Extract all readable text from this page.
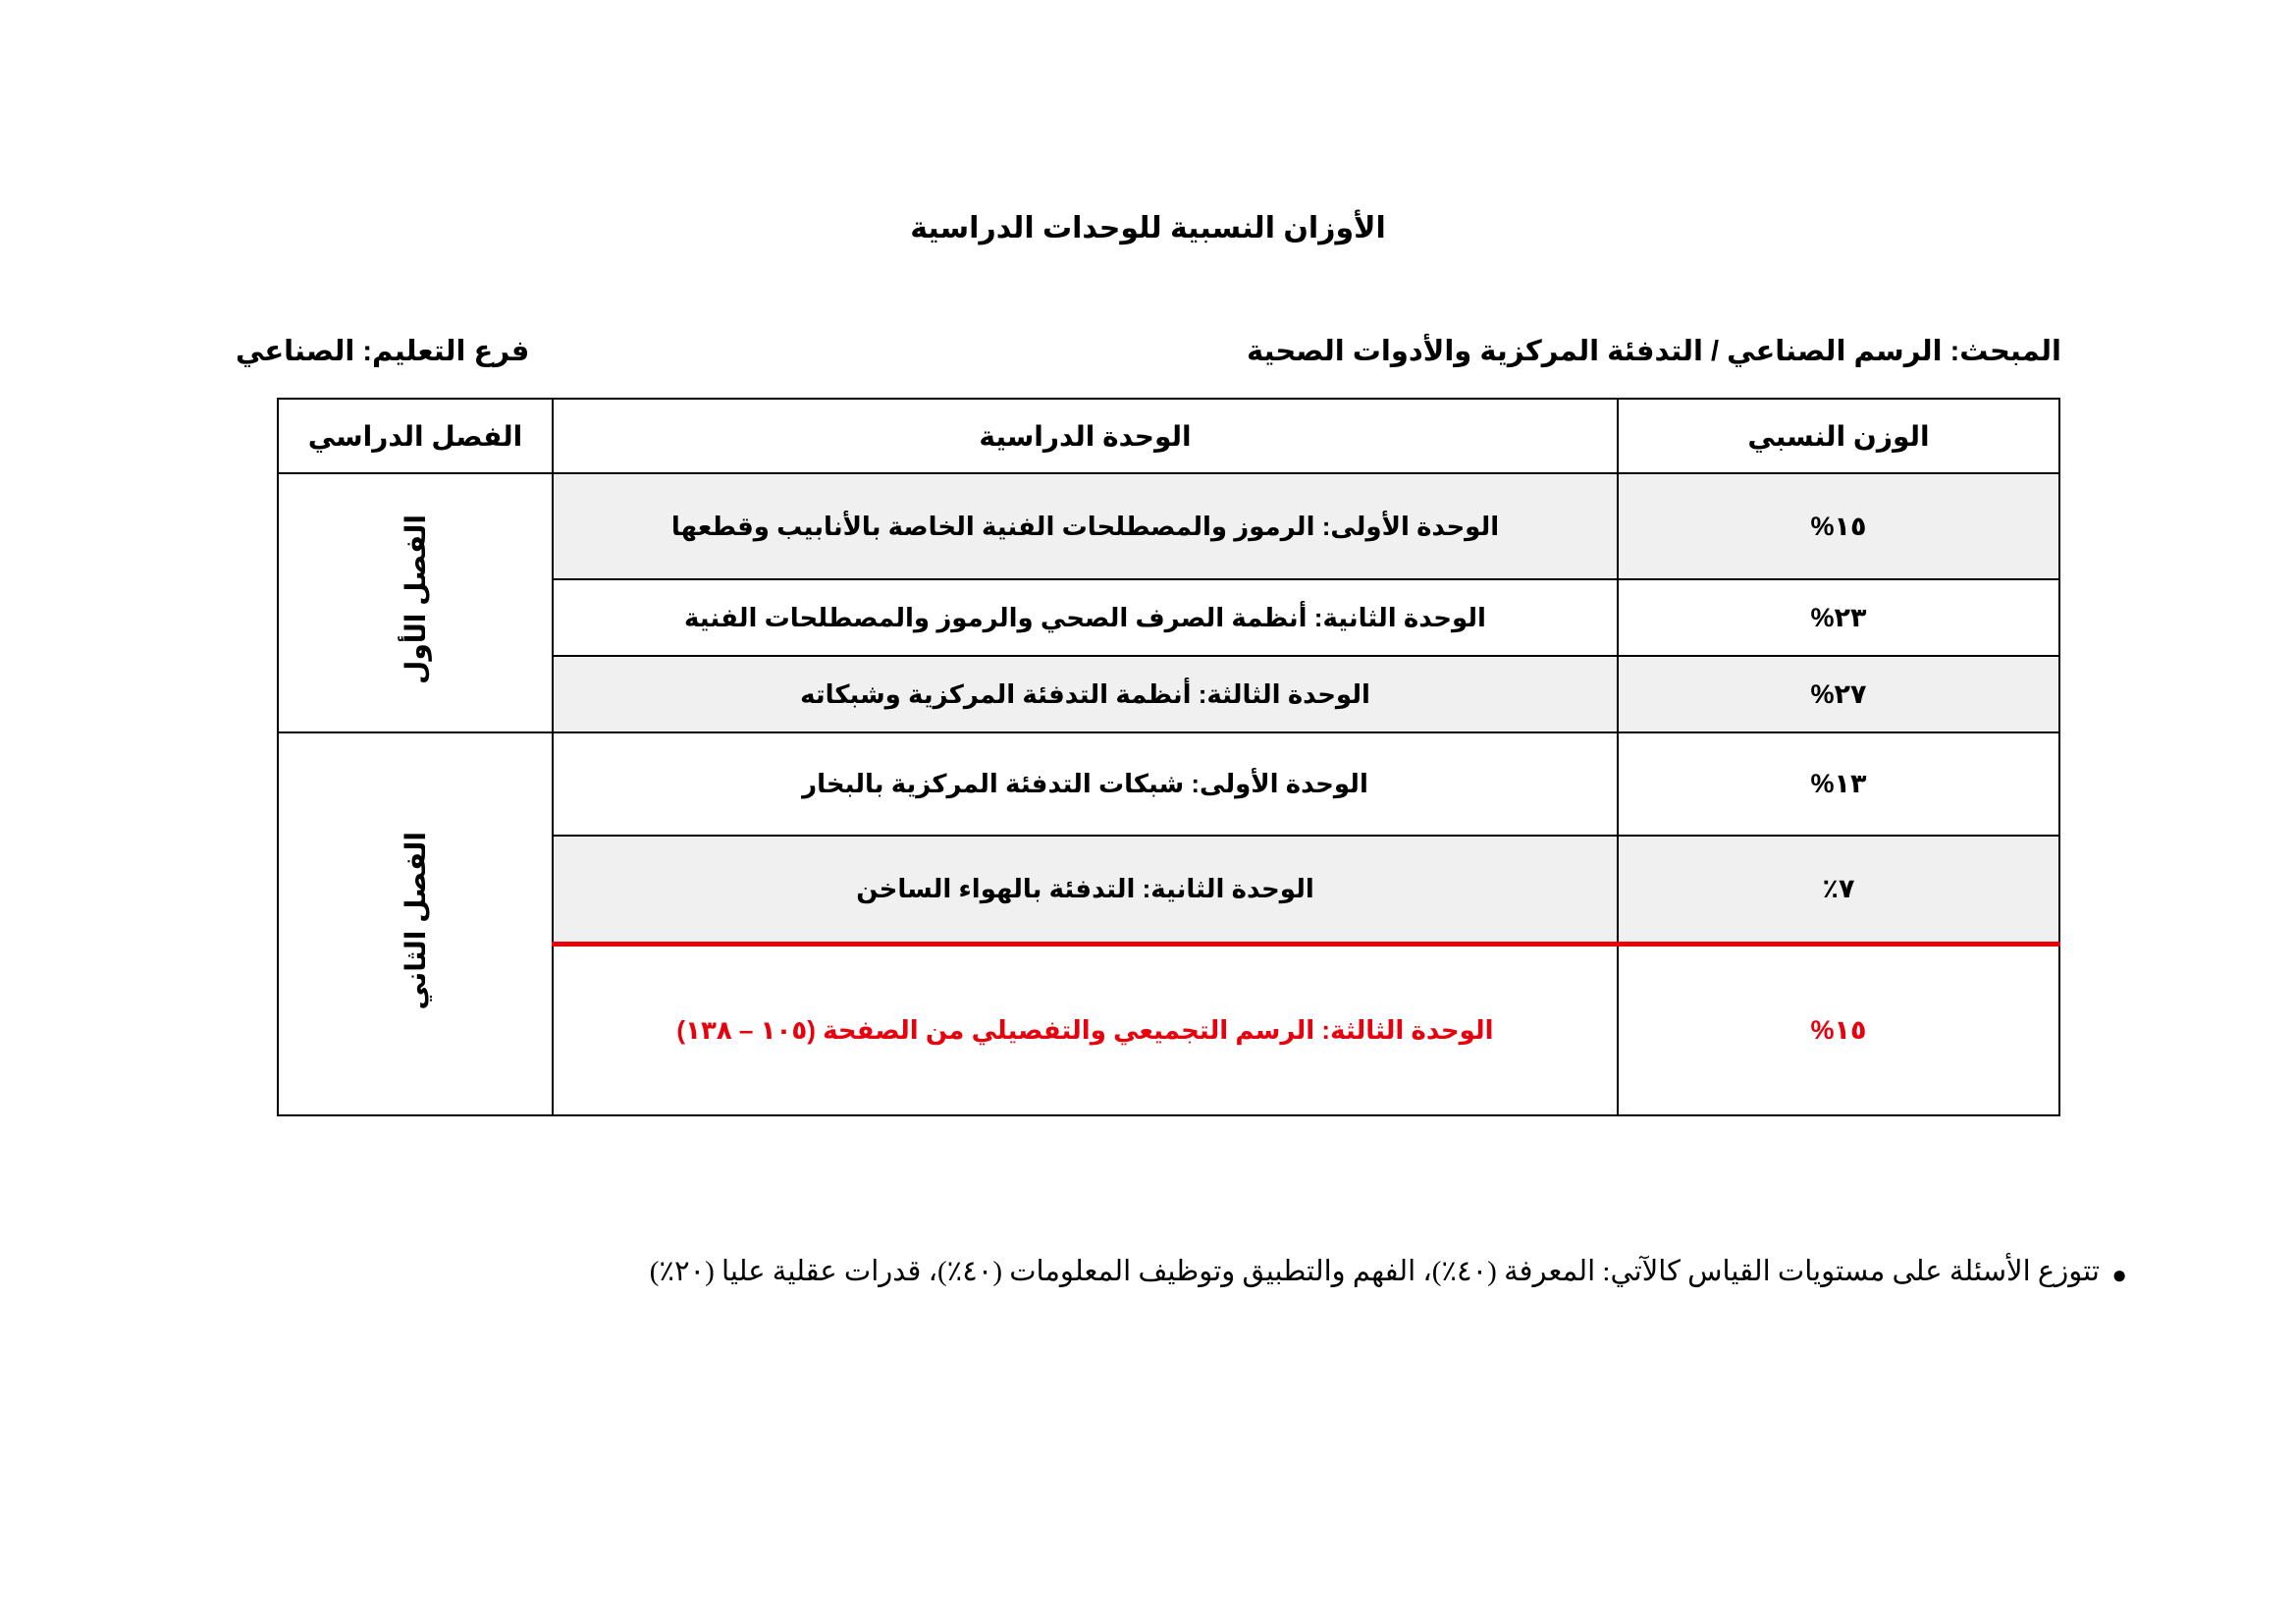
الأوزان النسبية للوحدات الدراسية
المبحث: الرسم الصناعي / التدفئة المركزية والأدوات الصحية
فرع التعليم: الصناعي
الوزن النسبي	الوحدة الدراسية	الفصل الدراسي
١٥%	الوحدة الأولى: الرموز والمصطلحات الفنية الخاصة بالأنابيب وقطعها	الفصل الأول
٢٣%	الوحدة الثانية: أنظمة الصرف الصحي والرموز والمصطلحات الفنية	
٢٧%	الوحدة الثالثة: أنظمة التدفئة المركزية وشبكاته	
١٣%	الوحدة الأولى: شبكات التدفئة المركزية بالبخار	الفصل الثاني
٧٪	الوحدة الثانية: التدفئة بالهواء الساخن	
١٥%	الوحدة الثالثة: الرسم التجميعي والتفصيلي من الصفحة (١٠٥ – ١٣٨)	
●
تتوزع الأسئلة على مستويات القياس كالآتي: المعرفة (٤٠٪)، الفهم والتطبيق وتوظيف المعلومات (٤٠٪)، قدرات عقلية عليا (٢٠٪)
